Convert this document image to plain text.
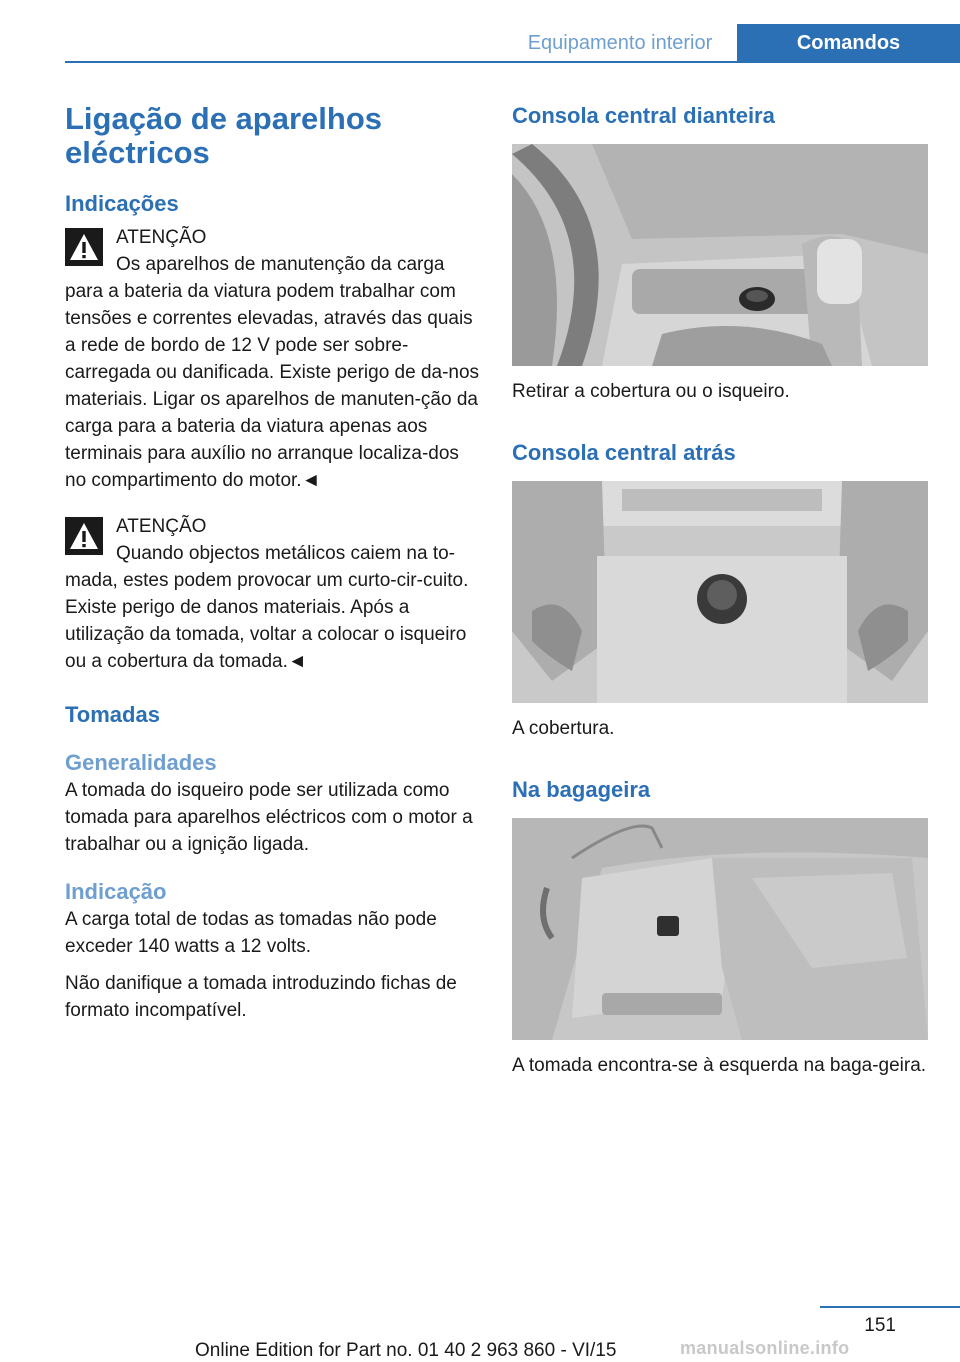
Equipamento interior	Comandos
Ligação de aparelhos eléctricos
Indicações
ATENÇÃO

Os aparelhos de manutenção da carga

para a bateria da viatura podem trabalhar com tensões e correntes elevadas, através das quais a rede de bordo de 12 V pode ser sobre-carregada ou danificada. Existe perigo de da-nos materiais. Ligar os aparelhos de manuten-ção da carga para a bateria da viatura apenas aos terminais para auxílio no arranque localiza-dos no compartimento do motor.◄

ATENÇÃO

Quando objectos metálicos caiem na to-

mada, estes podem provocar um curto-cir-cuito. Existe perigo de danos materiais. Após a utilização da tomada, voltar a colocar o isqueiro ou a cobertura da tomada.◄

Tomadas
Generalidades

A tomada do isqueiro pode ser utilizada como tomada para aparelhos eléctricos com o motor a trabalhar ou a ignição ligada.

Indicação

A carga total de todas as tomadas não pode exceder 140 watts a 12 volts.

Não danifique a tomada introduzindo fichas de formato incompatível.

Consola central dianteira

Retirar a cobertura ou o isqueiro.

Consola central atrás

A cobertura.

Na bagageira

A tomada encontra-se à esquerda na baga-geira.

151
Online Edition for Part no. 01 40 2 963 860 - VI/15	manualsonline.info
